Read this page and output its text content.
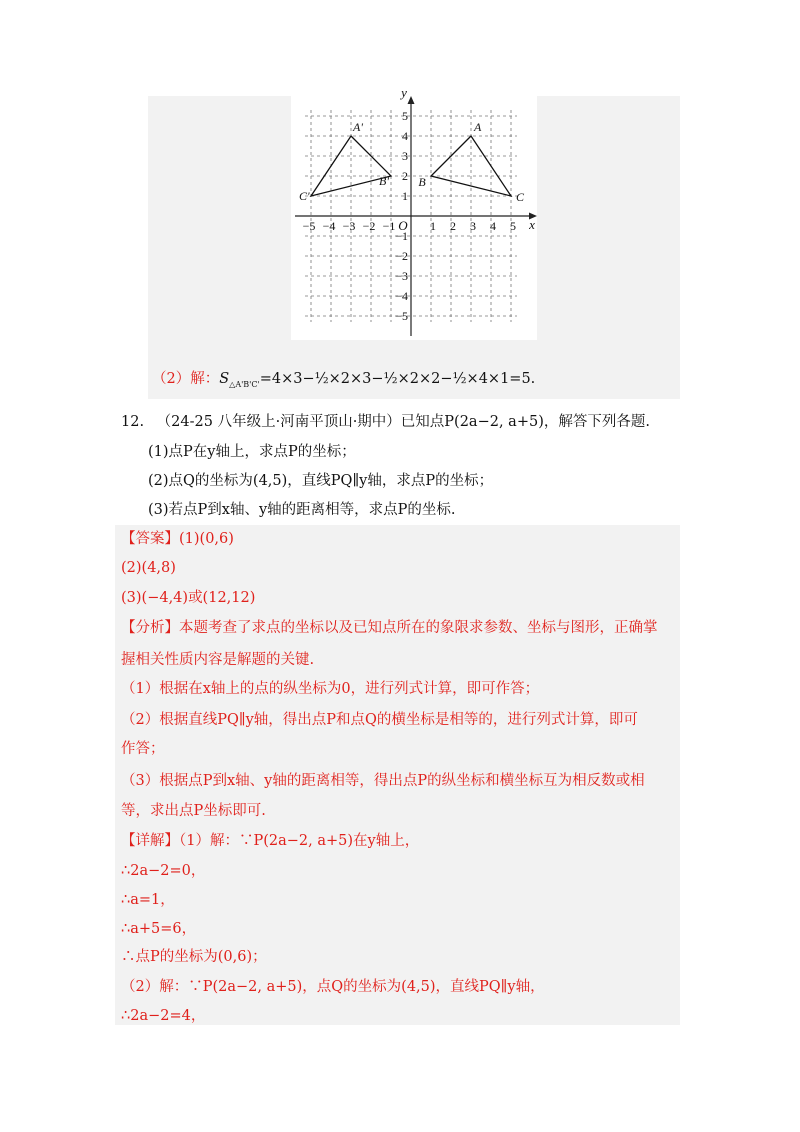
−5 −4 −3 −2 −1	1 2 3 4 5
5
4
3
2
1
−1
−2
−3
−4
−5
x
y
O
A
B
C
A'
B'
C'
（2）解：$S_{\triangle A'B'C'}=4\times 3-\frac{1}{2}\times 2\times 3-\frac{1}{2}\times 2\times 2-\frac{1}{2}\times 4\times 1=5$.
12. （24-25 八年级上·河南平顶山·期中）已知点P(2a−2, a+5)，解答下列各题.
(1)点P在y轴上，求点P的坐标；
(2)点Q的坐标为(4,5)，直线PQ∥y轴，求点P的坐标；
(3)若点P到x轴、y轴的距离相等，求点P的坐标.
【答案】(1)(0,6)
(2)(4,8)
(3)(−4,4)或(12,12)
【分析】本题考查了求点的坐标以及已知点所在的象限求参数、坐标与图形，正确掌
握相关性质内容是解题的关键.
（1）根据在x轴上的点的纵坐标为0，进行列式计算，即可作答；
（2）根据直线PQ∥y轴，得出点P和点Q的横坐标是相等的，进行列式计算，即可
作答；
（3）根据点P到x轴、y轴的距离相等，得出点P的纵坐标和横坐标互为相反数或相
等，求出点P坐标即可.
【详解】（1）解：∵P(2a−2, a+5)在y轴上，
∴2a−2=0，
∴a=1，
∴a+5=6，
∴点P的坐标为(0,6)；
（2）解：∵P(2a−2, a+5)，点Q的坐标为(4,5)，直线PQ∥y轴，
∴2a−2=4，
